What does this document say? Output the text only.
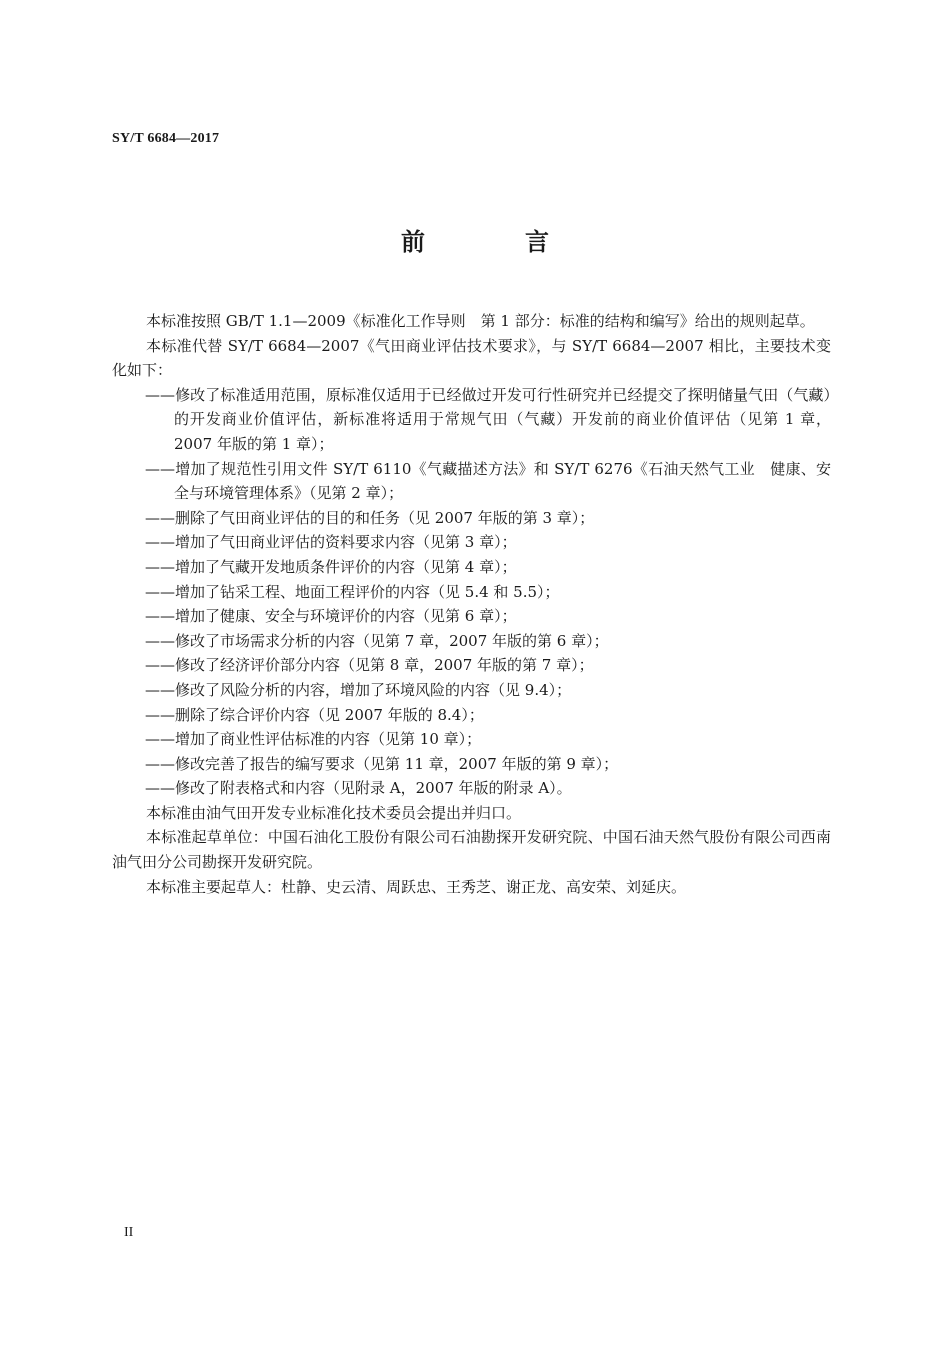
SY/T 6684—2017
前　言

本标准按照 GB/T 1.1—2009《标准化工作导则　第 1 部分：标准的结构和编写》给出的规则起草。

本标准代替 SY/T 6684—2007《气田商业评估技术要求》，与 SY/T 6684—2007 相比，主要技术变化如下：

——修改了标准适用范围，原标准仅适用于已经做过开发可行性研究并已经提交了探明储量气田（气藏）的开发商业价值评估，新标准将适用于常规气田（气藏）开发前的商业价值评估（见第 1 章，2007 年版的第 1 章）；

——增加了规范性引用文件 SY/T 6110《气藏描述方法》和 SY/T 6276《石油天然气工业　健康、安全与环境管理体系》（见第 2 章）；

——删除了气田商业评估的目的和任务（见 2007 年版的第 3 章）；

——增加了气田商业评估的资料要求内容（见第 3 章）；

——增加了气藏开发地质条件评价的内容（见第 4 章）；

——增加了钻采工程、地面工程评价的内容（见 5.4 和 5.5）；

——增加了健康、安全与环境评价的内容（见第 6 章）；

——修改了市场需求分析的内容（见第 7 章，2007 年版的第 6 章）；

——修改了经济评价部分内容（见第 8 章，2007 年版的第 7 章）；

——修改了风险分析的内容，增加了环境风险的内容（见 9.4）；

——删除了综合评价内容（见 2007 年版的 8.4）；

——增加了商业性评估标准的内容（见第 10 章）；

——修改完善了报告的编写要求（见第 11 章，2007 年版的第 9 章）；

——修改了附表格式和内容（见附录 A，2007 年版的附录 A）。

本标准由油气田开发专业标准化技术委员会提出并归口。

本标准起草单位：中国石油化工股份有限公司石油勘探开发研究院、中国石油天然气股份有限公司西南油气田分公司勘探开发研究院。

本标准主要起草人：杜静、史云清、周跃忠、王秀芝、谢正龙、高安荣、刘延庆。

II
